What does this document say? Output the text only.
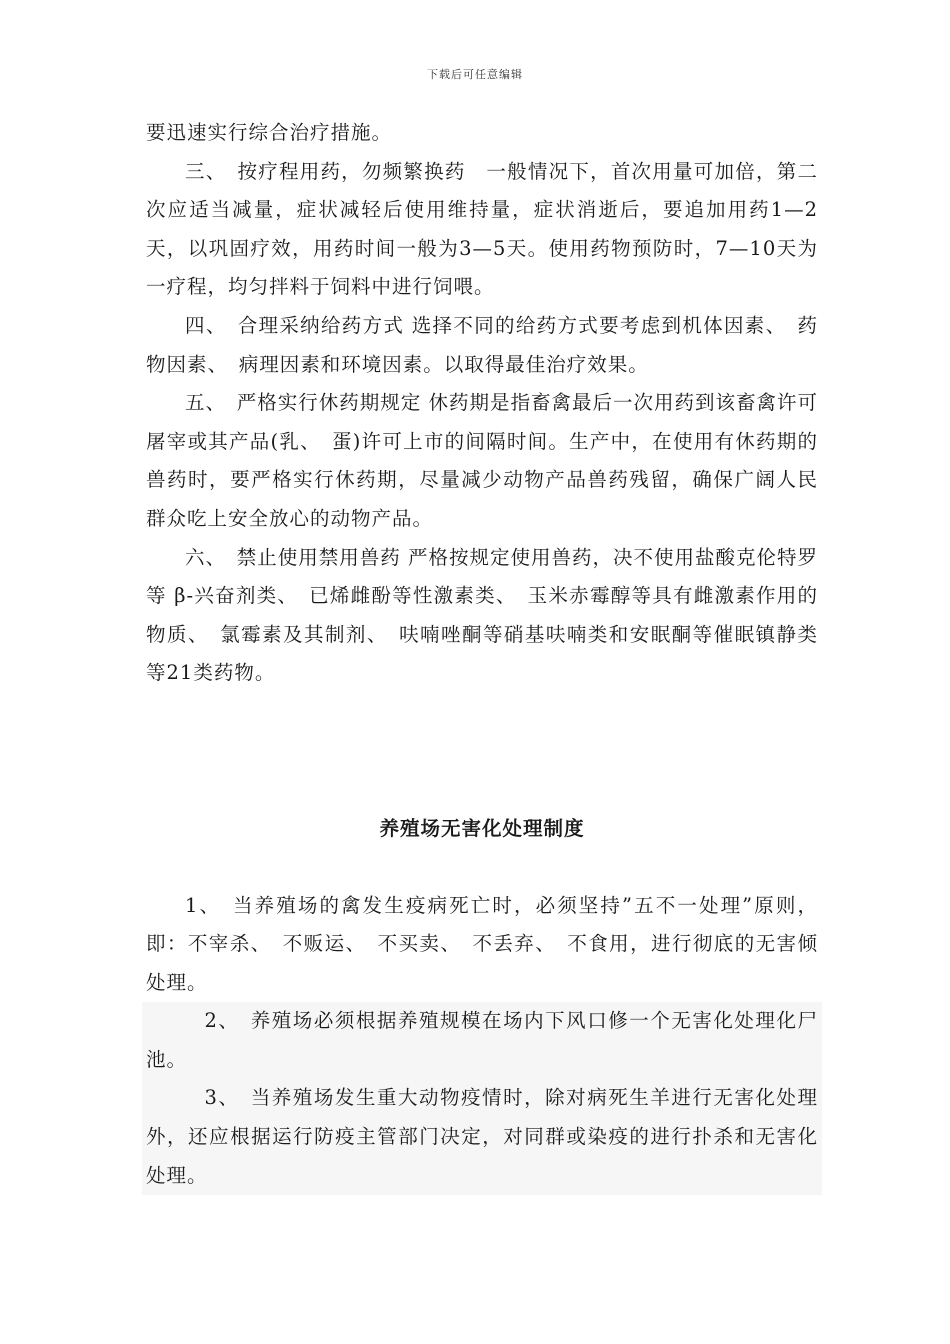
下载后可任意编辑

要迅速实行综合治疗措施。

三、　按疗程用药，勿频繁换药　一般情况下，首次用量可加倍，第二次应适当减量，症状减轻后使用维持量，症状消逝后，要追加用药1—2天，以巩固疗效，用药时间一般为3—5天。使用药物预防时，7—10天为一疗程，均匀拌料于饲料中进行饲喂。

四、　合理采纳给药方式 选择不同的给药方式要考虑到机体因素、　药物因素、　病理因素和环境因素。以取得最佳治疗效果。

五、　严格实行休药期规定 休药期是指畜禽最后一次用药到该畜禽许可屠宰或其产品(乳、　蛋)许可上市的间隔时间。生产中，在使用有休药期的兽药时，要严格实行休药期，尽量减少动物产品兽药残留，确保广阔人民群众吃上安全放心的动物产品。

六、　禁止使用禁用兽药 严格按规定使用兽药，决不使用盐酸克伦特罗等 β-兴奋剂类、　已烯雌酚等性激素类、　玉米赤霉醇等具有雌激素作用的物质、　氯霉素及其制剂、　呋喃唑酮等硝基呋喃类和安眠酮等催眠镇静类等21类药物。

养殖场无害化处理制度

1、　当养殖场的禽发生疫病死亡时，必须坚持”五不一处理”原则，即：不宰杀、　不贩运、　不买卖、　不丢弃、　不食用，进行彻底的无害倾处理。

2、　养殖场必须根据养殖规模在场内下风口修一个无害化处理化尸池。

3、　当养殖场发生重大动物疫情时，除对病死生羊进行无害化处理外，还应根据运行防疫主管部门决定，对同群或染疫的进行扑杀和无害化处理。
